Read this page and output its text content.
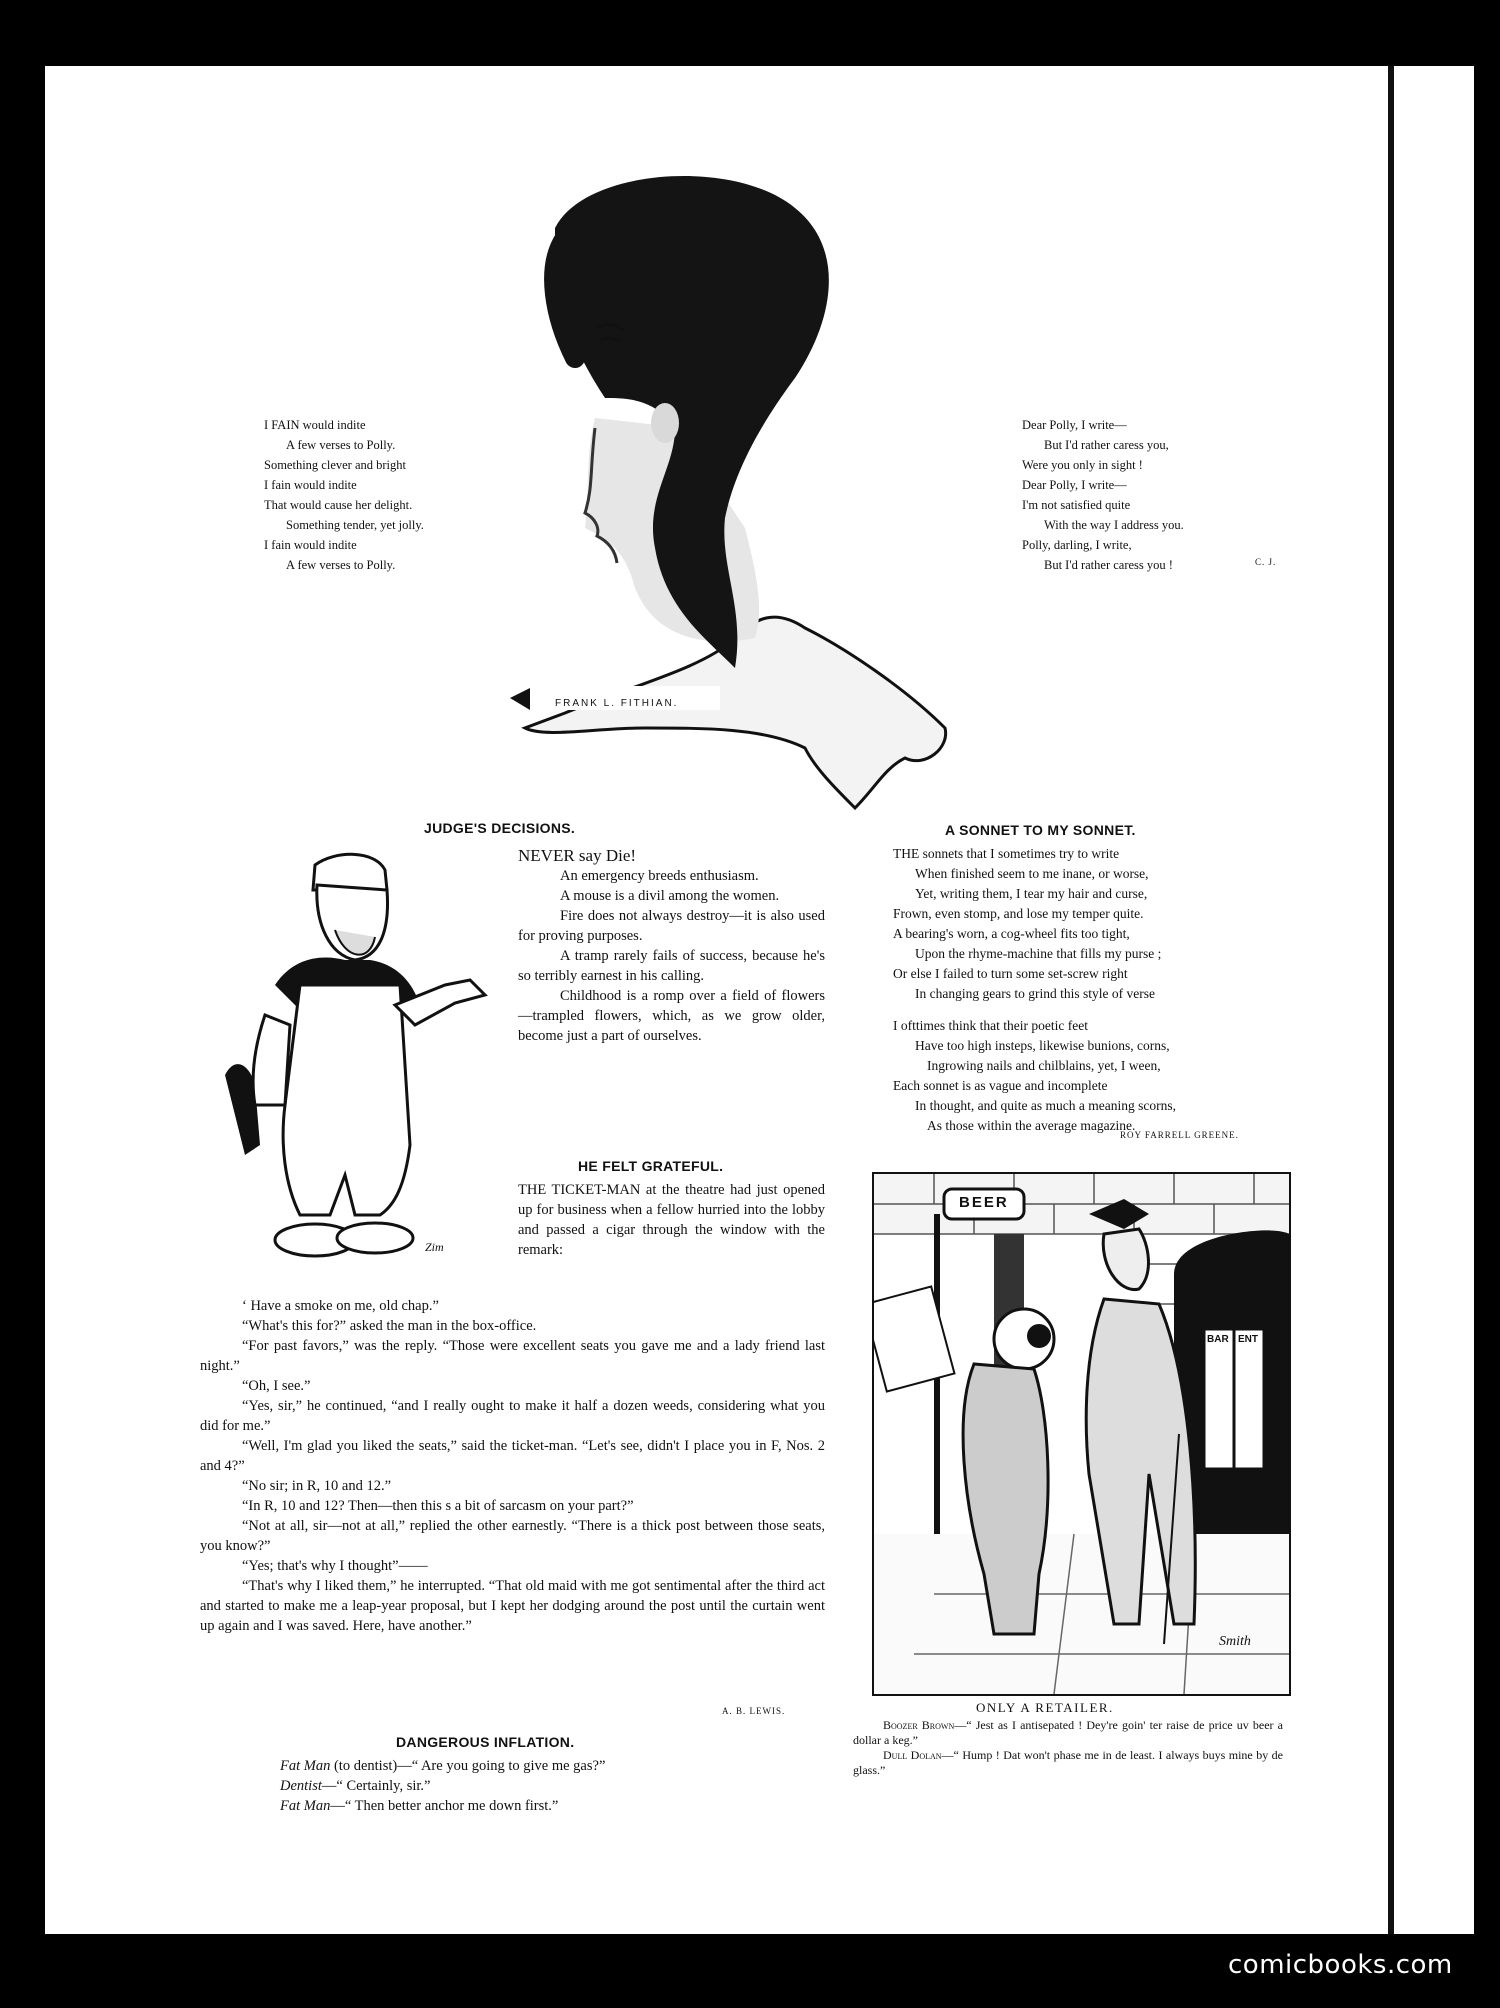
FRANK L. FITHIAN.
I FAIN would indite
A few verses to Polly.
Something clever and bright
I fain would indite
That would cause her delight.
Something tender, yet jolly.
I fain would indite
A few verses to Polly.
Dear Polly, I write—
But I'd rather caress you,
Were you only in sight !
Dear Polly, I write—
I'm not satisfied quite
With the way I address you.
Polly, darling, I write,
But I'd rather caress you !	C. J.
JUDGE'S DECISIONS.
Zim

NEVER say Die!

An emergency breeds enthusiasm.

A mouse is a divil among the women.

Fire does not always destroy—it is also used for proving purposes.

A tramp rarely fails of success, because he's so terribly earnest in his calling.

Childhood is a romp over a field of flowers—trampled flowers, which, as we grow older, become just a part of ourselves.

HE FELT GRATEFUL.

THE TICKET-MAN at the theatre had just opened up for business when a fellow hurried into the lobby and passed a cigar through the window with the remark:

‘ Have a smoke on me, old chap.”

“What's this for?” asked the man in the box-office.

“For past favors,” was the reply. “Those were excellent seats you gave me and a lady friend last night.”

“Oh, I see.”

“Yes, sir,” he continued, “and I really ought to make it half a dozen weeds, considering what you did for me.”

“Well, I'm glad you liked the seats,” said the ticket-man. “Let's see, didn't I place you in F, Nos. 2 and 4?”

“No sir; in R, 10 and 12.”

“In R, 10 and 12? Then—then this s a bit of sarcasm on your part?”

“Not at all, sir—not at all,” replied the other earnestly. “There is a thick post between those seats, you know?”

“Yes; that's why I thought”——

“That's why I liked them,” he interrupted. “That old maid with me got sentimental after the third act and started to make me a leap-year proposal, but I kept her dodging around the post until the curtain went up again and I was saved. Here, have another.”

A. B. LEWIS.
DANGEROUS INFLATION.
Fat Man (to dentist)—“ Are you going to give me gas?”
Dentist—“ Certainly, sir.”
Fat Man—“ Then better anchor me down first.”
A SONNET TO MY SONNET.
THE sonnets that I sometimes try to write
When finished seem to me inane, or worse,
Yet, writing them, I tear my hair and curse,
Frown, even stomp, and lose my temper quite.
A bearing's worn, a cog-wheel fits too tight,
Upon the rhyme-machine that fills my purse ;
Or else I failed to turn some set-screw right
In changing gears to grind this style of verse
I ofttimes think that their poetic feet
Have too high insteps, likewise bunions, corns,
Ingrowing nails and chilblains, yet, I ween,
Each sonnet is as vague and incomplete
In thought, and quite as much a meaning scorns,
As those within the average magazine.
ROY FARRELL GREENE.
BEER
BAR ENT
Smith
ONLY A RETAILER.
Boozer Brown—“ Jest as I antisepated ! Dey're goin' ter raise de price uv beer a dollar a keg.”
Dull Dolan—“ Hump ! Dat won't phase me in de least. I always buys mine by de glass.”
comicbooks.com
